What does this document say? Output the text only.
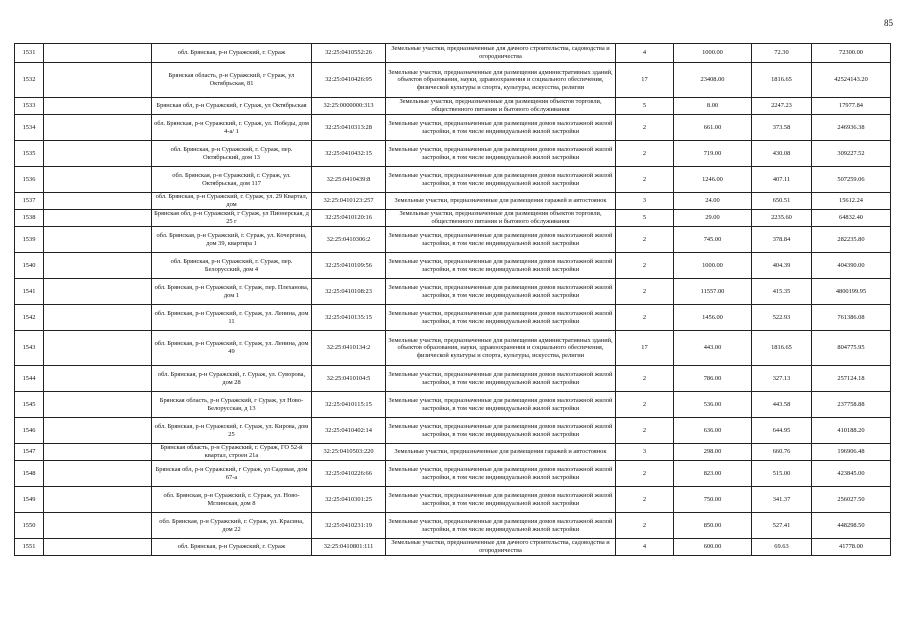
85
1531		обл. Брянская, р-н Суражский, г. Сураж	32:25:0410552:26	Земельные участки, предназначенные для дачного строительства, садоводства и огородничества	4	1000.00	72.30	72300.00
1532		Брянская область, р-н Суражский, г Сураж, ул Октябрьская, 81	32:25:0410426:95	Земельные участки, предназначенные для размещения административных зданий, объектов образования, науки, здравоохранения и социального обеспечения, физической культуры и спорта, культуры, искусства, религии	17	23408.00	1816.65	42524143.20
1533		Брянская обл, р-н Суражский, г Сураж, ул Октябрьская	32:25:0000000:313	Земельные участки, предназначенные для размещения объектов торговли, общественного питания и бытового обслуживания	5	8.00	2247.23	17977.84
1534		обл. Брянская, р-н Суражский, г. Сураж, ул. Победы, дом 4-а/ 1	32:25:0410313:28	Земельные участки, предназначенные для размещения домов малоэтажной жилой застройки, в том числе индивидуальной жилой застройки	2	661.00	373.58	246936.38
1535		обл. Брянская, р-н Суражский, г. Сураж, пер. Октябрьский, дом 13	32:25:0410432:15	Земельные участки, предназначенные для размещения домов малоэтажной жилой застройки, в том числе индивидуальной жилой застройки	2	719.00	430.08	309227.52
1536		обл. Брянская, р-н Суражский, г. Сураж, ул. Октябрьская, дом 117	32:25:0410439:8	Земельные участки, предназначенные для размещения домов малоэтажной жилой застройки, в том числе индивидуальной жилой застройки	2	1246.00	407.11	507259.06
1537		обл. Брянская, р-н Суражский, г. Сураж, ул. 29 Квартал, дом	32:25:0410123:257	Земельные участки, предназначенные для размещения гаражей и автостоянок	3	24.00	650.51	15612.24
1538		Брянская обл, р-н Суражский, г Сураж, ул Пионерская, д 25 г	32:25:0410120:16	Земельные участки, предназначенные для размещения объектов торговли, общественного питания и бытового обслуживания	5	29.00	2235.60	64832.40
1539		обл. Брянская, р-н Суражский, г. Сураж, ул. Кочергина, дом 39, квартира 1	32:25:0410306:2	Земельные участки, предназначенные для размещения домов малоэтажной жилой застройки, в том числе индивидуальной жилой застройки	2	745.00	378.84	282235.80
1540		обл. Брянская, р-н Суражский, г. Сураж, пер. Белорусский, дом 4	32:25:0410109:56	Земельные участки, предназначенные для размещения домов малоэтажной жилой застройки, в том числе индивидуальной жилой застройки	2	1000.00	404.39	404390.00
1541		обл. Брянская, р-н Суражский, г. Сураж, пер. Плеханова, дом 1	32:25:0410108:23	Земельные участки, предназначенные для размещения домов малоэтажной жилой застройки, в том числе индивидуальной жилой застройки	2	11557.00	415.35	4800199.95
1542		обл. Брянская, р-н Суражский, г. Сураж, ул. Ленина, дом 11	32:25:0410135:15	Земельные участки, предназначенные для размещения домов малоэтажной жилой застройки, в том числе индивидуальной жилой застройки	2	1456.00	522.93	761386.08
1543		обл. Брянская, р-н Суражский, г. Сураж, ул. Ленина, дом 49	32:25:0410134:2	Земельные участки, предназначенные для размещения административных зданий, объектов образования, науки, здравоохранения и социального обеспечения, физической культуры и спорта, культуры, искусства, религии	17	443.00	1816.65	804775.95
1544		обл. Брянская, р-н Суражский, г. Сураж, ул. Суворова, дом 28	32:25:0410104:5	Земельные участки, предназначенные для размещения домов малоэтажной жилой застройки, в том числе индивидуальной жилой застройки	2	786.00	327.13	257124.18
1545		Брянская область, р-н Суражский, г Сураж, ул Ново-Белорусская, д 13	32:25:0410115:15	Земельные участки, предназначенные для размещения домов малоэтажной жилой застройки, в том числе индивидуальной жилой застройки	2	536.00	443.58	237758.88
1546		обл. Брянская, р-н Суражский, г. Сураж, ул. Кирова, дом 25	32:25:0410402:14	Земельные участки, предназначенные для размещения домов малоэтажной жилой застройки, в том числе индивидуальной жилой застройки	2	636.00	644.95	410188.20
1547		Брянская область, р-н Суражский, г. Сураж, ГО 52-й квартал, строен 21а	32:25:0410503:220	Земельные участки, предназначенные для размещения гаражей и автостоянок	3	298.00	660.76	196906.48
1548		Брянская обл, р-н Суражский, г Сураж, ул Садовая, дом 67-а	32:25:0410226:66	Земельные участки, предназначенные для размещения домов малоэтажной жилой застройки, в том числе индивидуальной жилой застройки	2	823.00	515.00	423845.00
1549		обл. Брянская, р-н Суражский, г. Сураж, ул. Ново-Мглинская, дом 8	32:25:0410301:25	Земельные участки, предназначенные для размещения домов малоэтажной жилой застройки, в том числе индивидуальной жилой застройки	2	750.00	341.37	256027.50
1550		обл. Брянская, р-н Суражский, г. Сураж, ул. Красина, дом 22	32:25:0410231:19	Земельные участки, предназначенные для размещения домов малоэтажной жилой застройки, в том числе индивидуальной жилой застройки	2	850.00	527.41	448298.50
1551		обл. Брянская, р-н Суражский, г. Сураж	32:25:0410801:111	Земельные участки, предназначенные для дачного строительства, садоводства и огородничества	4	600.00	69.63	41778.00
